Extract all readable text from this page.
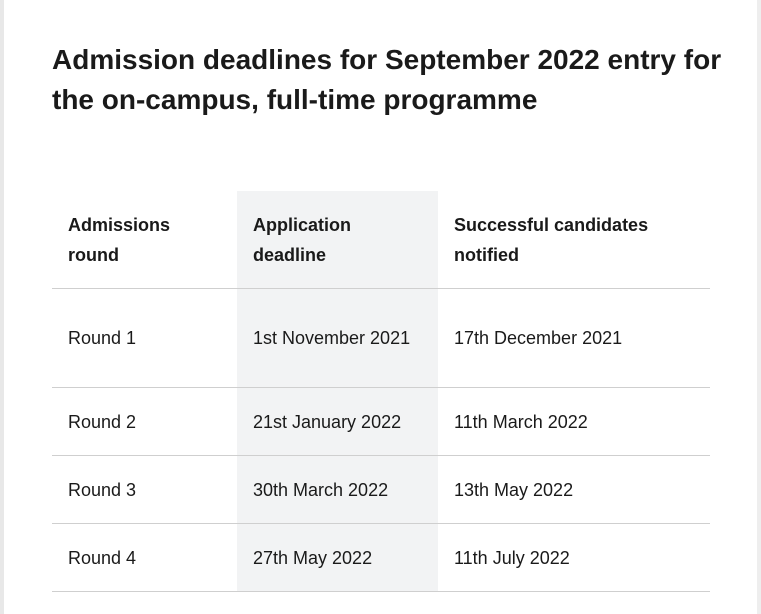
Admission deadlines for September 2022 entry for the on-campus, full-time programme
Admissions round	Application deadline	Successful candidates notified
Round 1	1st November 2021	17th December 2021
Round 2	21st January 2022	11th March 2022
Round 3	30th March 2022	13th May 2022
Round 4	27th May 2022	11th July 2022
